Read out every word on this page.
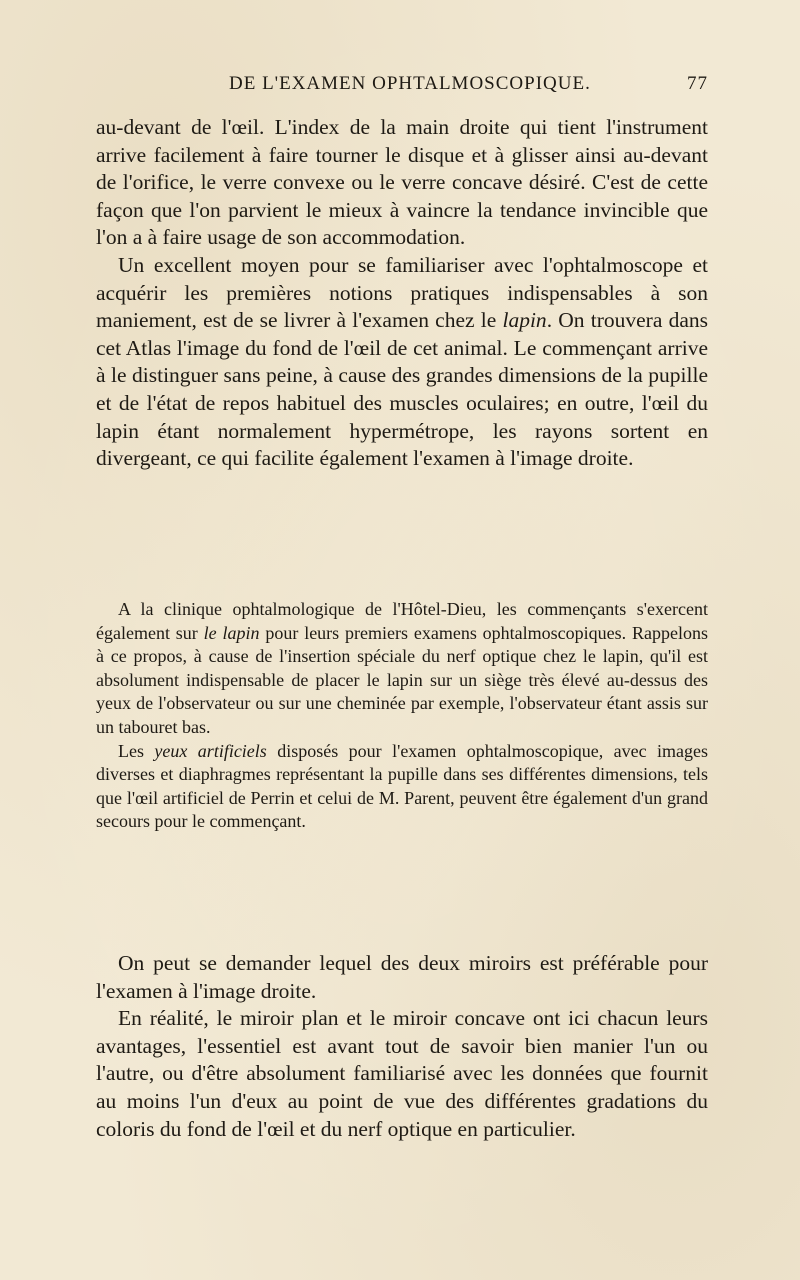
DE L'EXAMEN OPHTALMOSCOPIQUE.	77

au-devant de l'œil. L'index de la main droite qui tient l'instrument arrive facilement à faire tourner le disque et à glisser ainsi au-devant de l'orifice, le verre convexe ou le verre concave désiré. C'est de cette façon que l'on parvient le mieux à vaincre la tendance invincible que l'on a à faire usage de son accommodation.

Un excellent moyen pour se familiariser avec l'ophtalmoscope et acquérir les premières notions pratiques indispensables à son maniement, est de se livrer à l'examen chez le lapin. On trouvera dans cet Atlas l'image du fond de l'œil de cet animal. Le commençant arrive à le distinguer sans peine, à cause des grandes dimensions de la pupille et de l'état de repos habituel des muscles oculaires; en outre, l'œil du lapin étant normalement hypermétrope, les rayons sortent en divergeant, ce qui facilite également l'examen à l'image droite.

A la clinique ophtalmologique de l'Hôtel-Dieu, les commençants s'exercent également sur le lapin pour leurs premiers examens ophtalmoscopiques. Rappelons à ce propos, à cause de l'insertion spéciale du nerf optique chez le lapin, qu'il est absolument indispensable de placer le lapin sur un siège très élevé au-dessus des yeux de l'observateur ou sur une cheminée par exemple, l'observateur étant assis sur un tabouret bas.

Les yeux artificiels disposés pour l'examen ophtalmoscopique, avec images diverses et diaphragmes représentant la pupille dans ses différentes dimensions, tels que l'œil artificiel de Perrin et celui de M. Parent, peuvent être également d'un grand secours pour le commençant.

On peut se demander lequel des deux miroirs est préférable pour l'examen à l'image droite.

En réalité, le miroir plan et le miroir concave ont ici chacun leurs avantages, l'essentiel est avant tout de savoir bien manier l'un ou l'autre, ou d'être absolument familiarisé avec les données que fournit au moins l'un d'eux au point de vue des différentes gradations du coloris du fond de l'œil et du nerf optique en particulier.
